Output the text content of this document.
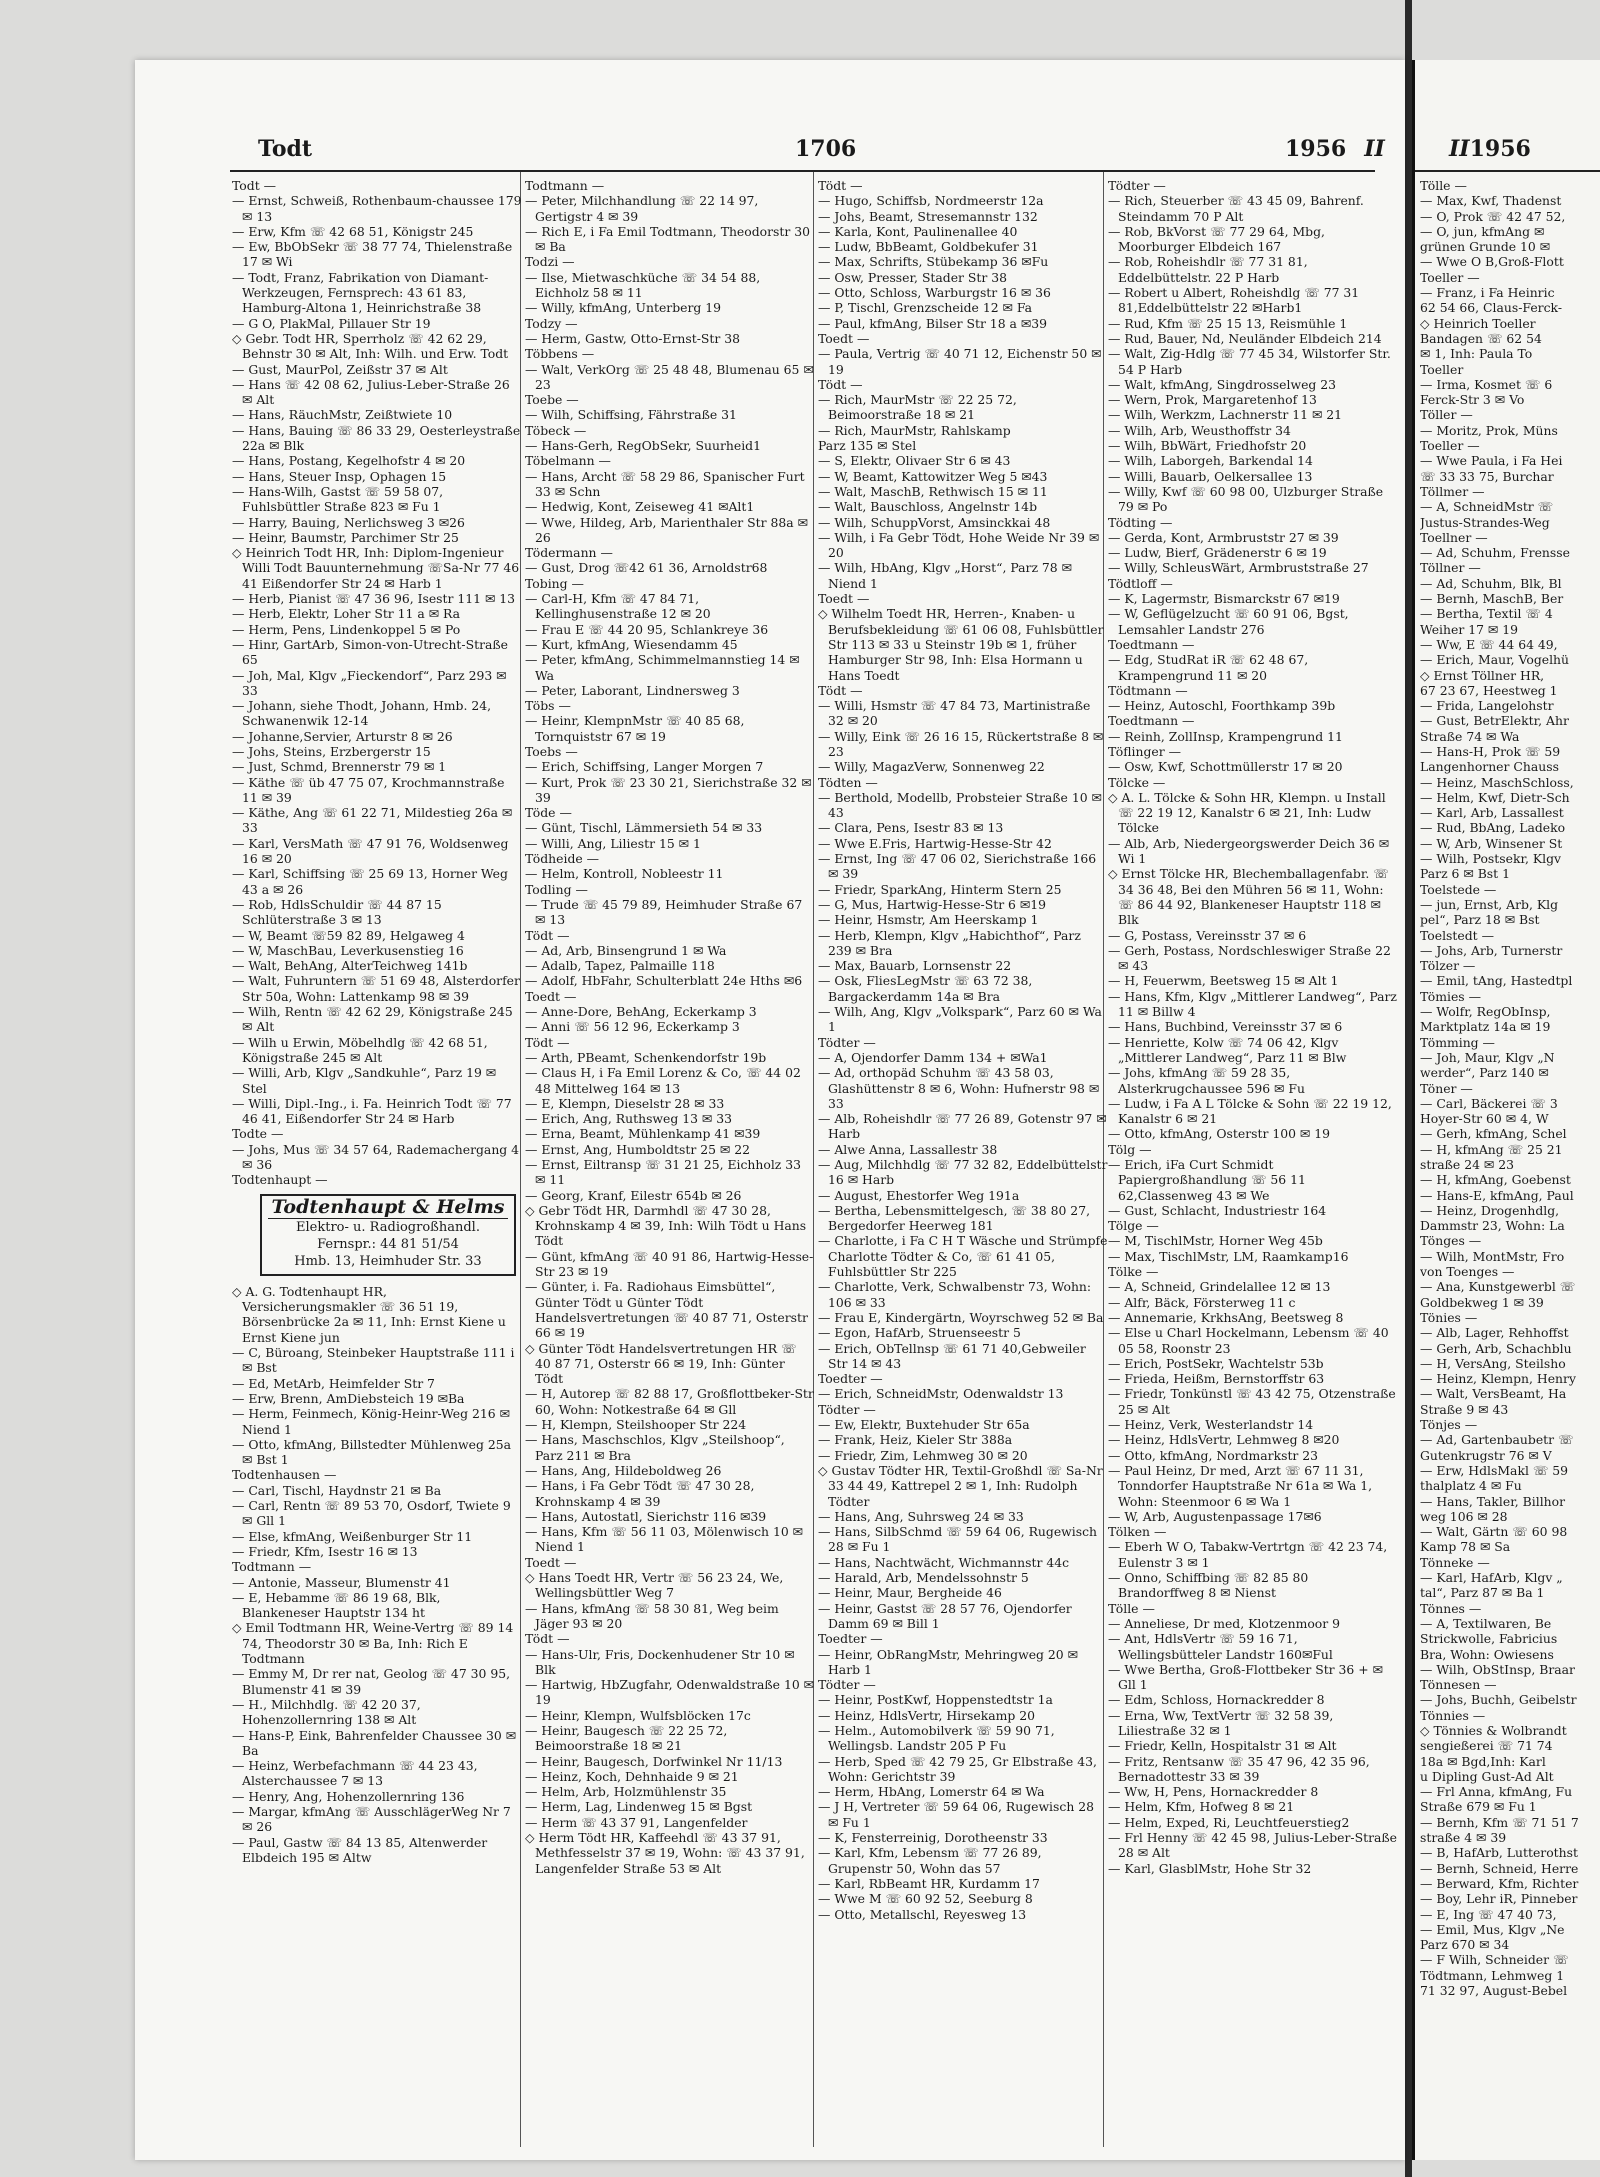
Todt	1706	1956 II

Todt —

— Ernst, Schweiß, Rothenbaum-chaussee 179 ✉ 13

— Erw, Kfm ☏ 42 68 51, Königstr 245

— Ew, BbObSekr ☏ 38 77 74, Thielenstraße 17 ✉ Wi

— Todt, Franz, Fabrikation von Diamant-Werkzeugen, Fernsprech: 43 61 83, Hamburg-Altona 1, Heinrichstraße 38

— G O, PlakMal, Pillauer Str 19

◇ Gebr. Todt HR, Sperrholz ☏ 42 62 29, Behnstr 30 ✉ Alt, Inh: Wilh. und Erw. Todt

— Gust, MaurPol, Zeißstr 37 ✉ Alt

— Hans ☏ 42 08 62, Julius-Leber-Straße 26 ✉ Alt

— Hans, RäuchMstr, Zeißtwiete 10

— Hans, Bauing ☏ 86 33 29, Oesterleystraße 22a ✉ Blk

— Hans, Postang, Kegelhofstr 4 ✉ 20

— Hans, Steuer Insp, Ophagen 15

— Hans-Wilh, Gastst ☏ 59 58 07, Fuhlsbüttler Straße 823 ✉ Fu 1

— Harry, Bauing, Nerlichsweg 3 ✉26

— Heinr, Baumstr, Parchimer Str 25

◇ Heinrich Todt HR, Inh: Diplom-Ingenieur Willi Todt Bauunternehmung ☏Sa-Nr 77 46 41 Eißendorfer Str 24 ✉ Harb 1

— Herb, Pianist ☏ 47 36 96, Isestr 111 ✉ 13

— Herb, Elektr, Loher Str 11 a ✉ Ra

— Herm, Pens, Lindenkoppel 5 ✉ Po

— Hinr, GartArb, Simon-von-Utrecht-Straße 65

— Joh, Mal, Klgv „Fieckendorf“, Parz 293 ✉ 33

— Johann, siehe Thodt, Johann, Hmb. 24, Schwanenwik 12-14

— Johanne,Servier, Arturstr 8 ✉ 26

— Johs, Steins, Erzbergerstr 15

— Just, Schmd, Brennerstr 79 ✉ 1

— Käthe ☏ üb 47 75 07, Krochmannstraße 11 ✉ 39

— Käthe, Ang ☏ 61 22 71, Mildestieg 26a ✉ 33

— Karl, VersMath ☏ 47 91 76, Woldsenweg 16 ✉ 20

— Karl, Schiffsing ☏ 25 69 13, Horner Weg 43 a ✉ 26

— Rob, HdlsSchuldir ☏ 44 87 15 Schlüterstraße 3 ✉ 13

— W, Beamt ☏59 82 89, Helgaweg 4

— W, MaschBau, Leverkusenstieg 16

— Walt, BehAng, AlterTeichweg 141b

— Walt, Fuhruntern ☏ 51 69 48, Alsterdorfer Str 50a, Wohn: Lattenkamp 98 ✉ 39

— Wilh, Rentn ☏ 42 62 29, Königstraße 245 ✉ Alt

— Wilh u Erwin, Möbelhdlg ☏ 42 68 51, Königstraße 245 ✉ Alt

— Willi, Arb, Klgv „Sandkuhle“, Parz 19 ✉ Stel

— Willi, Dipl.-Ing., i. Fa. Heinrich Todt ☏ 77 46 41, Eißendorfer Str 24 ✉ Harb

Todte —

— Johs, Mus ☏ 34 57 64, Rademachergang 4 ✉ 36

Todtenhaupt —

Todtenhaupt & Helms
Elektro- u. Radiogroßhandl.
Fernspr.: 44 81 51/54
Hmb. 13, Heimhuder Str. 33

◇ A. G. Todtenhaupt HR, Versicherungsmakler ☏ 36 51 19, Börsenbrücke 2a ✉ 11, Inh: Ernst Kiene u Ernst Kiene jun

— C, Büroang, Steinbeker Hauptstraße 111 i ✉ Bst

— Ed, MetArb, Heimfelder Str 7

— Erw, Brenn, AmDiebsteich 19 ✉Ba

— Herm, Feinmech, König-Heinr-Weg 216 ✉ Niend 1

— Otto, kfmAng, Billstedter Mühlenweg 25a ✉ Bst 1

Todtenhausen —

— Carl, Tischl, Haydnstr 21 ✉ Ba

— Carl, Rentn ☏ 89 53 70, Osdorf, Twiete 9 ✉ Gll 1

— Else, kfmAng, Weißenburger Str 11

— Friedr, Kfm, Isestr 16 ✉ 13

Todtmann —

— Antonie, Masseur, Blumenstr 41

— E, Hebamme ☏ 86 19 68, Blk, Blankeneser Hauptstr 134 ht

◇ Emil Todtmann HR, Weine-Vertrg ☏ 89 14 74, Theodorstr 30 ✉ Ba, Inh: Rich E Todtmann

— Emmy M, Dr rer nat, Geolog ☏ 47 30 95, Blumenstr 41 ✉ 39

— H., Milchhdlg. ☏ 42 20 37, Hohenzollernring 138 ✉ Alt

— Hans-P, Eink, Bahrenfelder Chaussee 30 ✉ Ba

— Heinz, Werbefachmann ☏ 44 23 43, Alsterchaussee 7 ✉ 13

— Henry, Ang, Hohenzollernring 136

— Margar, kfmAng ☏ AusschlägerWeg Nr 7 ✉ 26

— Paul, Gastw ☏ 84 13 85, Altenwerder Elbdeich 195 ✉ Altw

Todtmann —

— Peter, Milchhandlung ☏ 22 14 97, Gertigstr 4 ✉ 39

— Rich E, i Fa Emil Todtmann, Theodorstr 30 ✉ Ba

Todzi —

— Ilse, Mietwaschküche ☏ 34 54 88, Eichholz 58 ✉ 11

— Willy, kfmAng, Unterberg 19

Todzy —

— Herm, Gastw, Otto-Ernst-Str 38

Többens —

— Walt, VerkOrg ☏ 25 48 48, Blumenau 65 ✉ 23

Toebe —

— Wilh, Schiffsing, Fährstraße 31

Töbeck —

— Hans-Gerh, RegObSekr, Suurheid1

Töbelmann —

— Hans, Archt ☏ 58 29 86, Spanischer Furt 33 ✉ Schn

— Hedwig, Kont, Zeiseweg 41 ✉Alt1

— Wwe, Hildeg, Arb, Marienthaler Str 88a ✉ 26

Tödermann —

— Gust, Drog ☏42 61 36, Arnoldstr68

Tobing —

— Carl-H, Kfm ☏ 47 84 71, Kellinghusenstraße 12 ✉ 20

— Frau E ☏ 44 20 95, Schlankreye 36

— Kurt, kfmAng, Wiesendamm 45

— Peter, kfmAng, Schimmelmannstieg 14 ✉ Wa

— Peter, Laborant, Lindnersweg 3

Töbs —

— Heinr, KlempnMstr ☏ 40 85 68, Tornquiststr 67 ✉ 19

Toebs —

— Erich, Schiffsing, Langer Morgen 7

— Kurt, Prok ☏ 23 30 21, Sierichstraße 32 ✉ 39

Töde —

— Günt, Tischl, Lämmersieth 54 ✉ 33

— Willi, Ang, Liliestr 15 ✉ 1

Tödheide —

— Helm, Kontroll, Nobleestr 11

Todling —

— Trude ☏ 45 79 89, Heimhuder Straße 67 ✉ 13

Tödt —

— Ad, Arb, Binsengrund 1 ✉ Wa

— Adalb, Tapez, Palmaille 118

— Adolf, HbFahr, Schulterblatt 24e Hths ✉6

Toedt —

— Anne-Dore, BehAng, Eckerkamp 3

— Anni ☏ 56 12 96, Eckerkamp 3

Tödt —

— Arth, PBeamt, Schenkendorfstr 19b

— Claus H, i Fa Emil Lorenz & Co, ☏ 44 02 48 Mittelweg 164 ✉ 13

— E, Klempn, Dieselstr 28 ✉ 33

— Erich, Ang, Ruthsweg 13 ✉ 33

— Erna, Beamt, Mühlenkamp 41 ✉39

— Ernst, Ang, Humboldtstr 25 ✉ 22

— Ernst, Eiltransp ☏ 31 21 25, Eichholz 33 ✉ 11

— Georg, Kranf, Eilestr 654b ✉ 26

◇ Gebr Tödt HR, Darmhdl ☏ 47 30 28, Krohnskamp 4 ✉ 39, Inh: Wilh Tödt u Hans Tödt

— Günt, kfmAng ☏ 40 91 86, Hartwig-Hesse-Str 23 ✉ 19

— Günter, i. Fa. Radiohaus Eimsbüttel“, Günter Tödt u Günter Tödt Handelsvertretungen ☏ 40 87 71, Osterstr 66 ✉ 19

◇ Günter Tödt Handelsvertretungen HR ☏ 40 87 71, Osterstr 66 ✉ 19, Inh: Günter Tödt

— H, Autorep ☏ 82 88 17, Großflottbeker-Str 60, Wohn: Notkestraße 64 ✉ Gll

— H, Klempn, Steilshooper Str 224

— Hans, Maschschlos, Klgv „Steilshoop“, Parz 211 ✉ Bra

— Hans, Ang, Hildeboldweg 26

— Hans, i Fa Gebr Tödt ☏ 47 30 28, Krohnskamp 4 ✉ 39

— Hans, Autostatl, Sierichstr 116 ✉39

— Hans, Kfm ☏ 56 11 03, Mölenwisch 10 ✉ Niend 1

Toedt —

◇ Hans Toedt HR, Vertr ☏ 56 23 24, We, Wellingsbüttler Weg 7

— Hans, kfmAng ☏ 58 30 81, Weg beim Jäger 93 ✉ 20

Tödt —

— Hans-Ulr, Fris, Dockenhudener Str 10 ✉ Blk

— Hartwig, HbZugfahr, Odenwaldstraße 10 ✉ 19

— Heinr, Klempn, Wulfsblöcken 17c

— Heinr, Baugesch ☏ 22 25 72, Beimoorstraße 18 ✉ 21

— Heinr, Baugesch, Dorfwinkel Nr 11/13

— Heinz, Koch, Dehnhaide 9 ✉ 21

— Helm, Arb, Holzmühlenstr 35

— Herm, Lag, Lindenweg 15 ✉ Bgst

— Herm ☏ 43 37 91, Langenfelder

◇ Herm Tödt HR, Kaffeehdl ☏ 43 37 91, Methfesselstr 37 ✉ 19, Wohn: ☏ 43 37 91, Langenfelder Straße 53 ✉ Alt

Tödt —

— Hugo, Schiffsb, Nordmeerstr 12a

— Johs, Beamt, Stresemannstr 132

— Karla, Kont, Paulinenallee 40

— Ludw, BbBeamt, Goldbekufer 31

— Max, Schrifts, Stübekamp 36 ✉Fu

— Osw, Presser, Stader Str 38

— Otto, Schloss, Warburgstr 16 ✉ 36

— P, Tischl, Grenzscheide 12 ✉ Fa

— Paul, kfmAng, Bilser Str 18 a ✉39

Toedt —

— Paula, Vertrig ☏ 40 71 12, Eichenstr 50 ✉ 19

Tödt —

— Rich, MaurMstr ☏ 22 25 72, Beimoorstraße 18 ✉ 21

— Rich, MaurMstr, Rahlskamp

Parz 135 ✉ Stel

— S, Elektr, Olivaer Str 6 ✉ 43

— W, Beamt, Kattowitzer Weg 5 ✉43

— Walt, MaschB, Rethwisch 15 ✉ 11

— Walt, Bauschloss, Angelnstr 14b

— Wilh, SchuppVorst, Amsinckkai 48

— Wilh, i Fa Gebr Tödt, Hohe Weide Nr 39 ✉ 20

— Wilh, HbAng, Klgv „Horst“, Parz 78 ✉ Niend 1

Toedt —

◇ Wilhelm Toedt HR, Herren-, Knaben- u Berufsbekleidung ☏ 61 06 08, Fuhlsbüttler Str 113 ✉ 33 u Steinstr 19b ✉ 1, früher Hamburger Str 98, Inh: Elsa Hormann u Hans Toedt

Tödt —

— Willi, Hsmstr ☏ 47 84 73, Martinistraße 32 ✉ 20

— Willy, Eink ☏ 26 16 15, Rückertstraße 8 ✉ 23

— Willy, MagazVerw, Sonnenweg 22

Tödten —

— Berthold, Modellb, Probsteier Straße 10 ✉ 43

— Clara, Pens, Isestr 83 ✉ 13

— Wwe E.Fris, Hartwig-Hesse-Str 42

— Ernst, Ing ☏ 47 06 02, Sierichstraße 166 ✉ 39

— Friedr, SparkAng, Hinterm Stern 25

— G, Mus, Hartwig-Hesse-Str 6 ✉19

— Heinr, Hsmstr, Am Heerskamp 1

— Herb, Klempn, Klgv „Habichthof“, Parz 239 ✉ Bra

— Max, Bauarb, Lornsenstr 22

— Osk, FliesLegMstr ☏ 63 72 38, Bargackerdamm 14a ✉ Bra

— Wilh, Ang, Klgv „Volkspark“, Parz 60 ✉ Wa 1

Tödter —

— A, Ojendorfer Damm 134 + ✉Wa1

— Ad, orthopäd Schuhm ☏ 43 58 03, Glashüttenstr 8 ✉ 6, Wohn: Hufnerstr 98 ✉ 33

— Alb, Roheishdlr ☏ 77 26 89, Gotenstr 97 ✉ Harb

— Alwe Anna, Lassallestr 38

— Aug, Milchhdlg ☏ 77 32 82, Eddelbüttelstr 16 ✉ Harb

— August, Ehestorfer Weg 191a

— Bertha, Lebensmittelgesch, ☏ 38 80 27, Bergedorfer Heerweg 181

— Charlotte, i Fa C H T Wäsche und Strümpfe Charlotte Tödter & Co, ☏ 61 41 05, Fuhlsbüttler Str 225

— Charlotte, Verk, Schwalbenstr 73, Wohn: 106 ✉ 33

— Frau E, Kindergärtn, Woyrschweg 52 ✉ Ba

— Egon, HafArb, Struenseestr 5

— Erich, ObTellnsp ☏ 61 71 40,Gebweiler Str 14 ✉ 43

Toedter —

— Erich, SchneidMstr, Odenwaldstr 13

Tödter —

— Ew, Elektr, Buxtehuder Str 65a

— Frank, Heiz, Kieler Str 388a

— Friedr, Zim, Lehmweg 30 ✉ 20

◇ Gustav Tödter HR, Textil-Großhdl ☏ Sa-Nr 33 44 49, Kattrepel 2 ✉ 1, Inh: Rudolph Tödter

— Hans, Ang, Suhrsweg 24 ✉ 33

— Hans, SilbSchmd ☏ 59 64 06, Rugewisch 28 ✉ Fu 1

— Hans, Nachtwächt, Wichmannstr 44c

— Harald, Arb, Mendelssohnstr 5

— Heinr, Maur, Bergheide 46

— Heinr, Gastst ☏ 28 57 76, Ojendorfer Damm 69 ✉ Bill 1

Toedter —

— Heinr, ObRangMstr, Mehringweg 20 ✉ Harb 1

Tödter —

— Heinr, PostKwf, Hoppenstedtstr 1a

— Heinz, HdlsVertr, Hirsekamp 20

— Helm., Automobilverk ☏ 59 90 71, Wellingsb. Landstr 205 P Fu

— Herb, Sped ☏ 42 79 25, Gr Elbstraße 43, Wohn: Gerichtstr 39

— Herm, HbAng, Lomerstr 64 ✉ Wa

— J H, Vertreter ☏ 59 64 06, Rugewisch 28 ✉ Fu 1

— K, Fensterreinig, Dorotheenstr 33

— Karl, Kfm, Lebensm ☏ 77 26 89, Grupenstr 50, Wohn das 57

— Karl, RbBeamt HR, Kurdamm 17

— Wwe M ☏ 60 92 52, Seeburg 8

— Otto, Metallschl, Reyesweg 13

Tödter —

— Rich, Steuerber ☏ 43 45 09, Bahrenf. Steindamm 70 P Alt

— Rob, BkVorst ☏ 77 29 64, Mbg, Moorburger Elbdeich 167

— Rob, Roheishdlr ☏ 77 31 81, Eddelbüttelstr. 22 P Harb

— Robert u Albert, Roheishdlg ☏ 77 31 81,Eddelbüttelstr 22 ✉Harb1

— Rud, Kfm ☏ 25 15 13, Reismühle 1

— Rud, Bauer, Nd, Neuländer Elbdeich 214

— Walt, Zig-Hdlg ☏ 77 45 34, Wilstorfer Str. 54 P Harb

— Walt, kfmAng, Singdrosselweg 23

— Wern, Prok, Margaretenhof 13

— Wilh, Werkzm, Lachnerstr 11 ✉ 21

— Wilh, Arb, Weusthoffstr 34

— Wilh, BbWärt, Friedhofstr 20

— Wilh, Laborgeh, Barkendal 14

— Willi, Bauarb, Oelkersallee 13

— Willy, Kwf ☏ 60 98 00, Ulzburger Straße 79 ✉ Po

Tödting —

— Gerda, Kont, Armbruststr 27 ✉ 39

— Ludw, Bierf, Grädenerstr 6 ✉ 19

— Willy, SchleusWärt, Armbruststraße 27

Tödtloff —

— K, Lagermstr, Bismarckstr 67 ✉19

— W, Geflügelzucht ☏ 60 91 06, Bgst, Lemsahler Landstr 276

Toedtmann —

— Edg, StudRat iR ☏ 62 48 67, Krampengrund 11 ✉ 20

Tödtmann —

— Heinz, Autoschl, Foorthkamp 39b

Toedtmann —

— Reinh, ZollInsp, Krampengrund 11

Töflinger —

— Osw, Kwf, Schottmüllerstr 17 ✉ 20

Tölcke —

◇ A. L. Tölcke & Sohn HR, Klempn. u Install ☏ 22 19 12, Kanalstr 6 ✉ 21, Inh: Ludw Tölcke

— Alb, Arb, Niedergeorgswerder Deich 36 ✉ Wi 1

◇ Ernst Tölcke HR, Blechemballagenfabr. ☏ 34 36 48, Bei den Mühren 56 ✉ 11, Wohn: ☏ 86 44 92, Blankeneser Hauptstr 118 ✉ Blk

— G, Postass, Vereinsstr 37 ✉ 6

— Gerh, Postass, Nordschleswiger Straße 22 ✉ 43

— H, Feuerwm, Beetsweg 15 ✉ Alt 1

— Hans, Kfm, Klgv „Mittlerer Landweg“, Parz 11 ✉ Billw 4

— Hans, Buchbind, Vereinsstr 37 ✉ 6

— Henriette, Kolw ☏ 74 06 42, Klgv „Mittlerer Landweg“, Parz 11 ✉ Blw

— Johs, kfmAng ☏ 59 28 35, Alsterkrugchaussee 596 ✉ Fu

— Ludw, i Fa A L Tölcke & Sohn ☏ 22 19 12, Kanalstr 6 ✉ 21

— Otto, kfmAng, Osterstr 100 ✉ 19

Tölg —

— Erich, iFa Curt Schmidt Papiergroßhandlung ☏ 56 11 62,Classenweg 43 ✉ We

— Gust, Schlacht, Industriestr 164

Tölge —

— M, TischlMstr, Horner Weg 45b

— Max, TischlMstr, LM, Raamkamp16

Tölke —

— A, Schneid, Grindelallee 12 ✉ 13

— Alfr, Bäck, Försterweg 11 c

— Annemarie, KrkhsAng, Beetsweg 8

— Else u Charl Hockelmann, Lebensm ☏ 40 05 58, Roonstr 23

— Erich, PostSekr, Wachtelstr 53b

— Frieda, Heißm, Bernstorffstr 63

— Friedr, Tonkünstl ☏ 43 42 75, Otzenstraße 25 ✉ Alt

— Heinz, Verk, Westerlandstr 14

— Heinz, HdlsVertr, Lehmweg 8 ✉20

— Otto, kfmAng, Nordmarkstr 23

— Paul Heinz, Dr med, Arzt ☏ 67 11 31, Tonndorfer Hauptstraße Nr 61a ✉ Wa 1, Wohn: Steenmoor 6 ✉ Wa 1

— W, Arb, Augustenpassage 17✉6

Tölken —

— Eberh W O, Tabakw-Vertrtgn ☏ 42 23 74, Eulenstr 3 ✉ 1

— Onno, Schiffbing ☏ 82 85 80 Brandorffweg 8 ✉ Nienst

Tölle —

— Anneliese, Dr med, Klotzenmoor 9

— Ant, HdlsVertr ☏ 59 16 71, Wellingsbütteler Landstr 160✉Ful

— Wwe Bertha, Groß-Flottbeker Str 36 + ✉ Gll 1

— Edm, Schloss, Hornackredder 8

— Erna, Ww, TextVertr ☏ 32 58 39, Liliestraße 32 ✉ 1

— Friedr, Kelln, Hospitalstr 31 ✉ Alt

— Fritz, Rentsanw ☏ 35 47 96, 42 35 96, Bernadottestr 33 ✉ 39

— Ww, H, Pens, Hornackredder 8

— Helm, Kfm, Hofweg 8 ✉ 21

— Helm, Exped, Ri, Leuchtfeuerstieg2

— Frl Henny ☏ 42 45 98, Julius-Leber-Straße 28 ✉ Alt

— Karl, GlasblMstr, Hohe Str 32

II1956

Tölle —

— Max, Kwf, Thadenst

— O, Prok ☏ 42 47 52,

— O, jun, kfmAng ✉

grünen Grunde 10 ✉

— Wwe O B,Groß-Flott

Toeller —

— Franz, i Fa Heinric

62 54 66, Claus-Ferck-

◇ Heinrich Toeller

Bandagen ☏ 62 54

✉ 1, Inh: Paula To

Toeller

— Irma, Kosmet ☏ 6

Ferck-Str 3 ✉ Vo

Töller —

— Moritz, Prok, Müns

Toeller —

— Wwe Paula, i Fa Hei

☏ 33 33 75, Burchar

Töllmer —

— A, SchneidMstr ☏

Justus-Strandes-Weg

Toellner —

— Ad, Schuhm, Frensse

Töllner —

— Ad, Schuhm, Blk, Bl

— Bernh, MaschB, Ber

— Bertha, Textil ☏ 4

Weiher 17 ✉ 19

— Ww, E ☏ 44 64 49,

— Erich, Maur, Vogelhü

◇ Ernst Töllner HR,

67 23 67, Heestweg 1

— Frida, Langelohstr

— Gust, BetrElektr, Ahr

Straße 74 ✉ Wa

— Hans-H, Prok ☏ 59

Langenhorner Chauss

— Heinz, MaschSchloss,

— Helm, Kwf, Dietr-Sch

— Karl, Arb, Lassallest

— Rud, BbAng, Ladeko

— W, Arb, Winsener St

— Wilh, Postsekr, Klgv

Parz 6 ✉ Bst 1

Toelstede —

— jun, Ernst, Arb, Klg

pel“, Parz 18 ✉ Bst

Toelstedt —

— Johs, Arb, Turnerstr

Tölzer —

— Emil, tAng, Hastedtpl

Tömies —

— Wolfr, RegObInsp,

Marktplatz 14a ✉ 19

Tömming —

— Joh, Maur, Klgv „N

werder“, Parz 140 ✉

Töner —

— Carl, Bäckerei ☏ 3

Hoyer-Str 60 ✉ 4, W

— Gerh, kfmAng, Schel

— H, kfmAng ☏ 25 21

straße 24 ✉ 23

— H, kfmAng, Goebenst

— Hans-E, kfmAng, Paul

— Heinz, Drogenhdlg,

Dammstr 23, Wohn: La

Tönges —

— Wilh, MontMstr, Fro

von Toenges —

— Ana, Kunstgewerbl ☏

Goldbekweg 1 ✉ 39

Tönies —

— Alb, Lager, Rehhoffst

— Gerh, Arb, Schachblu

— H, VersAng, Steilsho

— Heinz, Klempn, Henry

— Walt, VersBeamt, Ha

Straße 9 ✉ 43

Tönjes —

— Ad, Gartenbaubetr ☏

Gutenkrugstr 76 ✉ V

— Erw, HdlsMakl ☏ 59

thalplatz 4 ✉ Fu

— Hans, Takler, Billhor

weg 106 ✉ 28

— Walt, Gärtn ☏ 60 98

Kamp 78 ✉ Sa

Tönneke —

— Karl, HafArb, Klgv „

tal“, Parz 87 ✉ Ba 1

Tönnes —

— A, Textilwaren, Be

Strickwolle, Fabricius

Bra, Wohn: Owiesens

— Wilh, ObStInsp, Braar

Tönnesen —

— Johs, Buchh, Geibelstr

Tönnies —

◇ Tönnies & Wolbrandt

sengießerei ☏ 71 74

18a ✉ Bgd,Inh: Karl

u Dipling Gust-Ad Alt

— Frl Anna, kfmAng, Fu

Straße 679 ✉ Fu 1

— Bernh, Kfm ☏ 71 51 7

straße 4 ✉ 39

— B, HafArb, Lutterothst

— Bernh, Schneid, Herre

— Berward, Kfm, Richter

— Boy, Lehr iR, Pinneber

— E, Ing ☏ 47 40 73,

— Emil, Mus, Klgv „Ne

Parz 670 ✉ 34

— F Wilh, Schneider ☏

Tödtmann, Lehmweg 1

71 32 97, August-Bebel
